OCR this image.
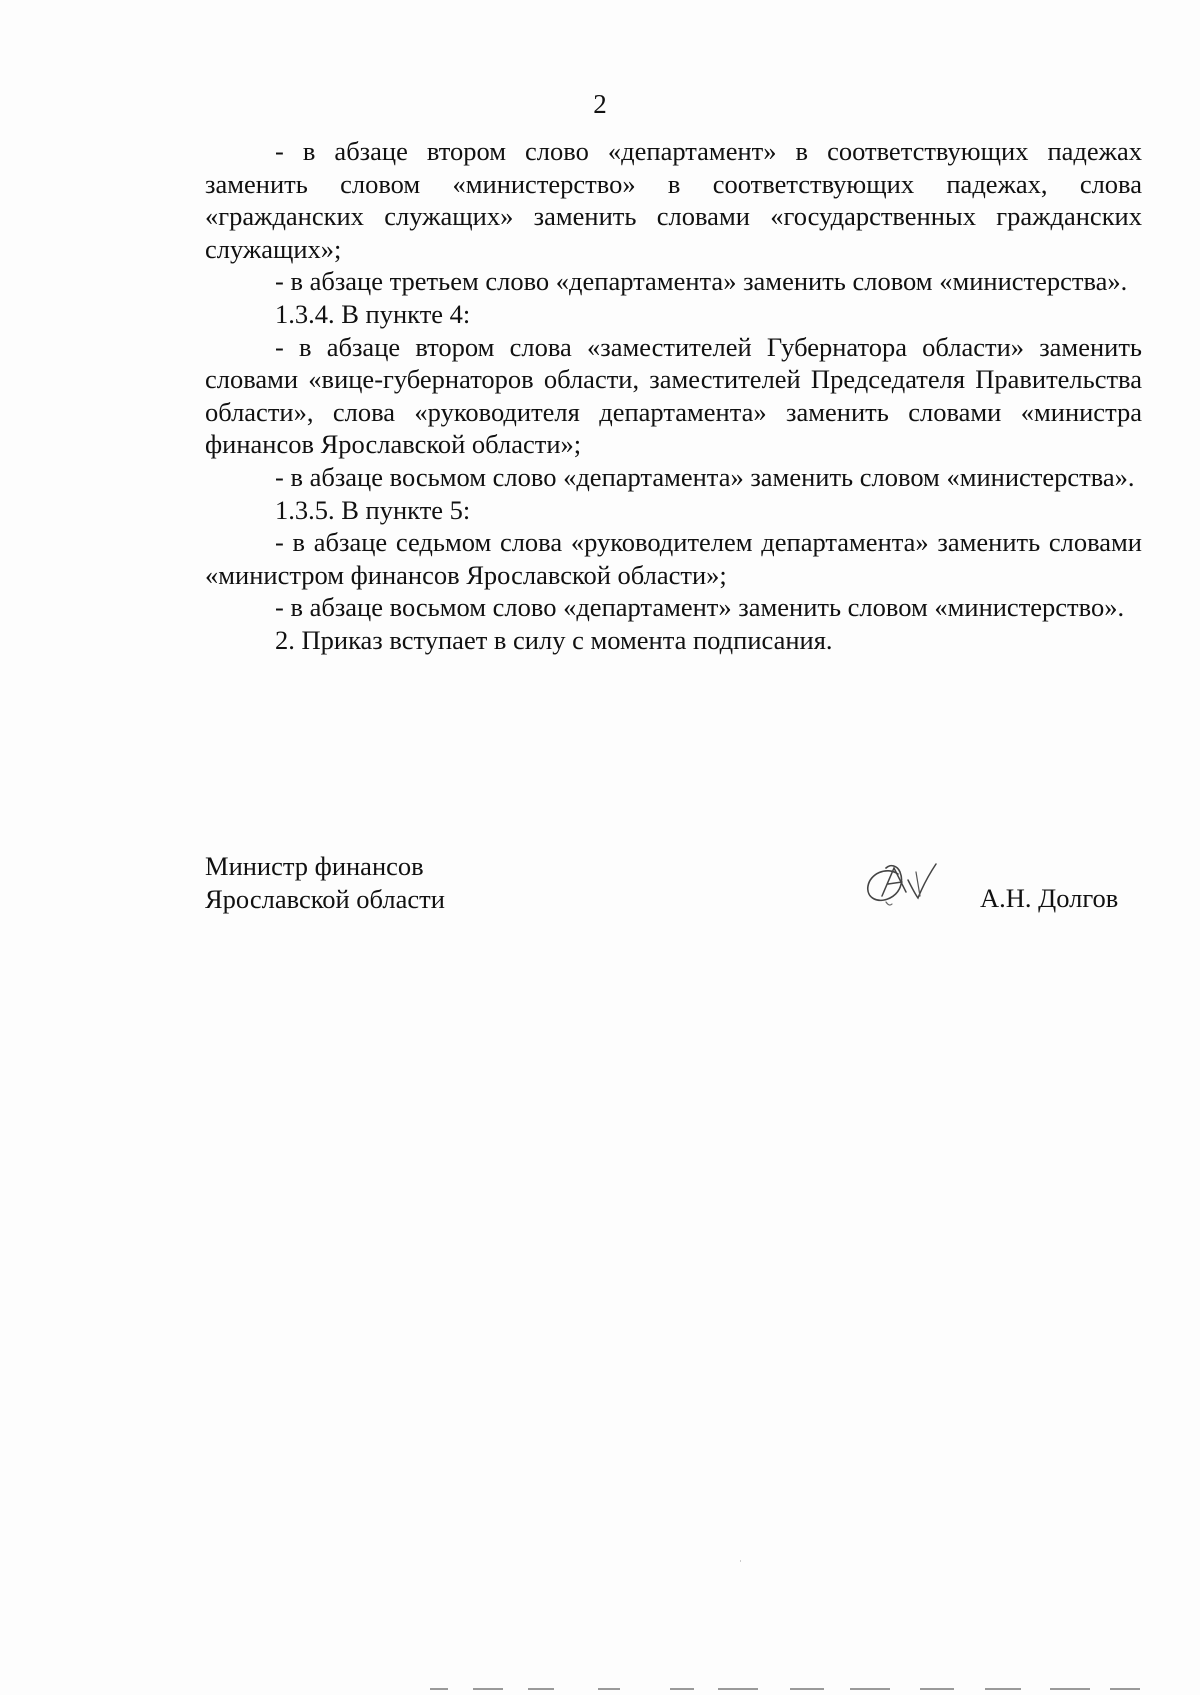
2

- в абзаце втором слово «департамент» в соответствующих падежах заменить словом «министерство» в соответствующих падежах, слова «гражданских служащих» заменить словами «государственных гражданских служащих»;

- в абзаце третьем слово «департамента» заменить словом «министерства».

1.3.4. В пункте 4:

- в абзаце втором слова «заместителей Губернатора области» заменить словами «вице-губернаторов области, заместителей Председателя Правительства области», слова «руководителя департамента» заменить словами «министра финансов Ярославской области»;

- в абзаце восьмом слово «департамента» заменить словом «министерства».

1.3.5. В пункте 5:

- в абзаце седьмом слова «руководителем департамента» заменить словами «министром финансов Ярославской области»;

- в абзаце восьмом слово «департамент» заменить словом «министерство».

2. Приказ вступает в силу с момента подписания.

Министр финансов
Ярославской области	А.Н. Долгов
